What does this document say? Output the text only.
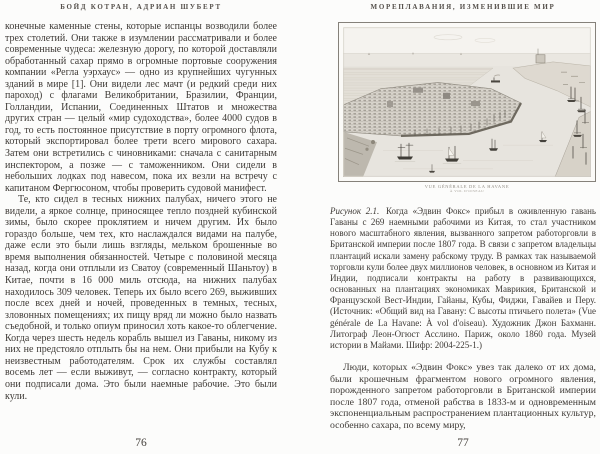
БОЙД КОТРАН, АДРИАН ШУБЕРТ

конечные каменные стены, которые испанцы возводили более трех столетий. Они также в изумлении рассматривали и более современные чудеса: железную дорогу, по которой доставляли обработанный сахар прямо в огромные портовые сооружения компании «Регла уэрхаус» — одно из крупнейших чугунных зданий в мире [1]. Они видели лес мачт (и редкий среди них пароход) с флагами Великобритании, Бразилии, Франции, Голландии, Испании, Соединенных Штатов и множества других стран — целый «мир судоходства», более 4000 судов в год, то есть постоянное присутствие в порту огромного флота, который экспортировал более трети всего мирового сахара. Затем они встретились с чиновниками: сначала с санитарным инспектором, а позже — с таможенником. Они сидели в небольших лодках под навесом, пока их везли на встречу с капитаном Фергюсоном, чтобы проверить судовой манифест.

Те, кто сидел в тесных нижних палубах, ничего этого не видели, а яркое солнце, приносящее тепло поздней кубинской зимы, было скорее проклятием и ничем другим. Их было гораздо больше, чем тех, кто наслаждался видами на палубе, даже если это были лишь взгляды, мельком брошенные во время выполнения обязанностей. Четыре с половиной месяца назад, когда они отплыли из Сватоу (современный Шаньтоу) в Китае, почти в 16 000 миль отсюда, на нижних палубах находилось 309 человек. Теперь их было всего 269, выживших после всех дней и ночей, проведенных в темных, тесных, зловонных помещениях; их пищу вряд ли можно было назвать съедобной, и только опиум приносил хоть какое-то облегчение. Когда через шесть недель корабль вышел из Гаваны, никому из них не предстояло отплыть бы на нем. Они прибыли на Кубу к неизвестным работодателям. Срок их службы составлял восемь лет — если выживут, — согласно контракту, который они подписали дома. Это были наемные рабочие. Это были кули.

76
МОРЕПЛАВАНИЯ, ИЗМЕНИВШИЕ МИР
VUE GÉNÉRALE DE LA HAVANE
À VOL D'OISEAU

Рисунок 2.1. Когда «Эдвин Фокс» прибыл в оживленную гавань Гаваны с 269 наемными рабочими из Китая, то стал участником нового масштабного явления, вызванного запретом работорговли в Британской империи после 1807 года. В связи с запретом владельцы плантаций искали замену рабскому труду. В рамках так называемой торговли кули более двух миллионов человек, в основном из Китая и Индии, подписали контракты на работу в развивающихся, основанных на плантациях экономиках Маврикия, Британской и Французской Вест-Индии, Гайаны, Кубы, Фиджи, Гавайев и Перу. (Источник: «Общий вид на Гавану: С высоты птичьего полета» (Vue générale de La Havane: À vol d'oiseau). Художник Джон Бахманн. Литограф Леон-Огюст Асслино. Париж, около 1860 года. Музей истории в Майами. Шифр: 2004-225-1.)

Люди, которых «Эдвин Фокс» увез так далеко от их дома, были крошечным фрагментом нового огромного явления, порожденного запретом работорговли в Британской империи после 1807 года, отменой рабства в 1833-м и одновременным экспоненциальным распространением плантационных культур, особенно сахара, по всему миру,

77
